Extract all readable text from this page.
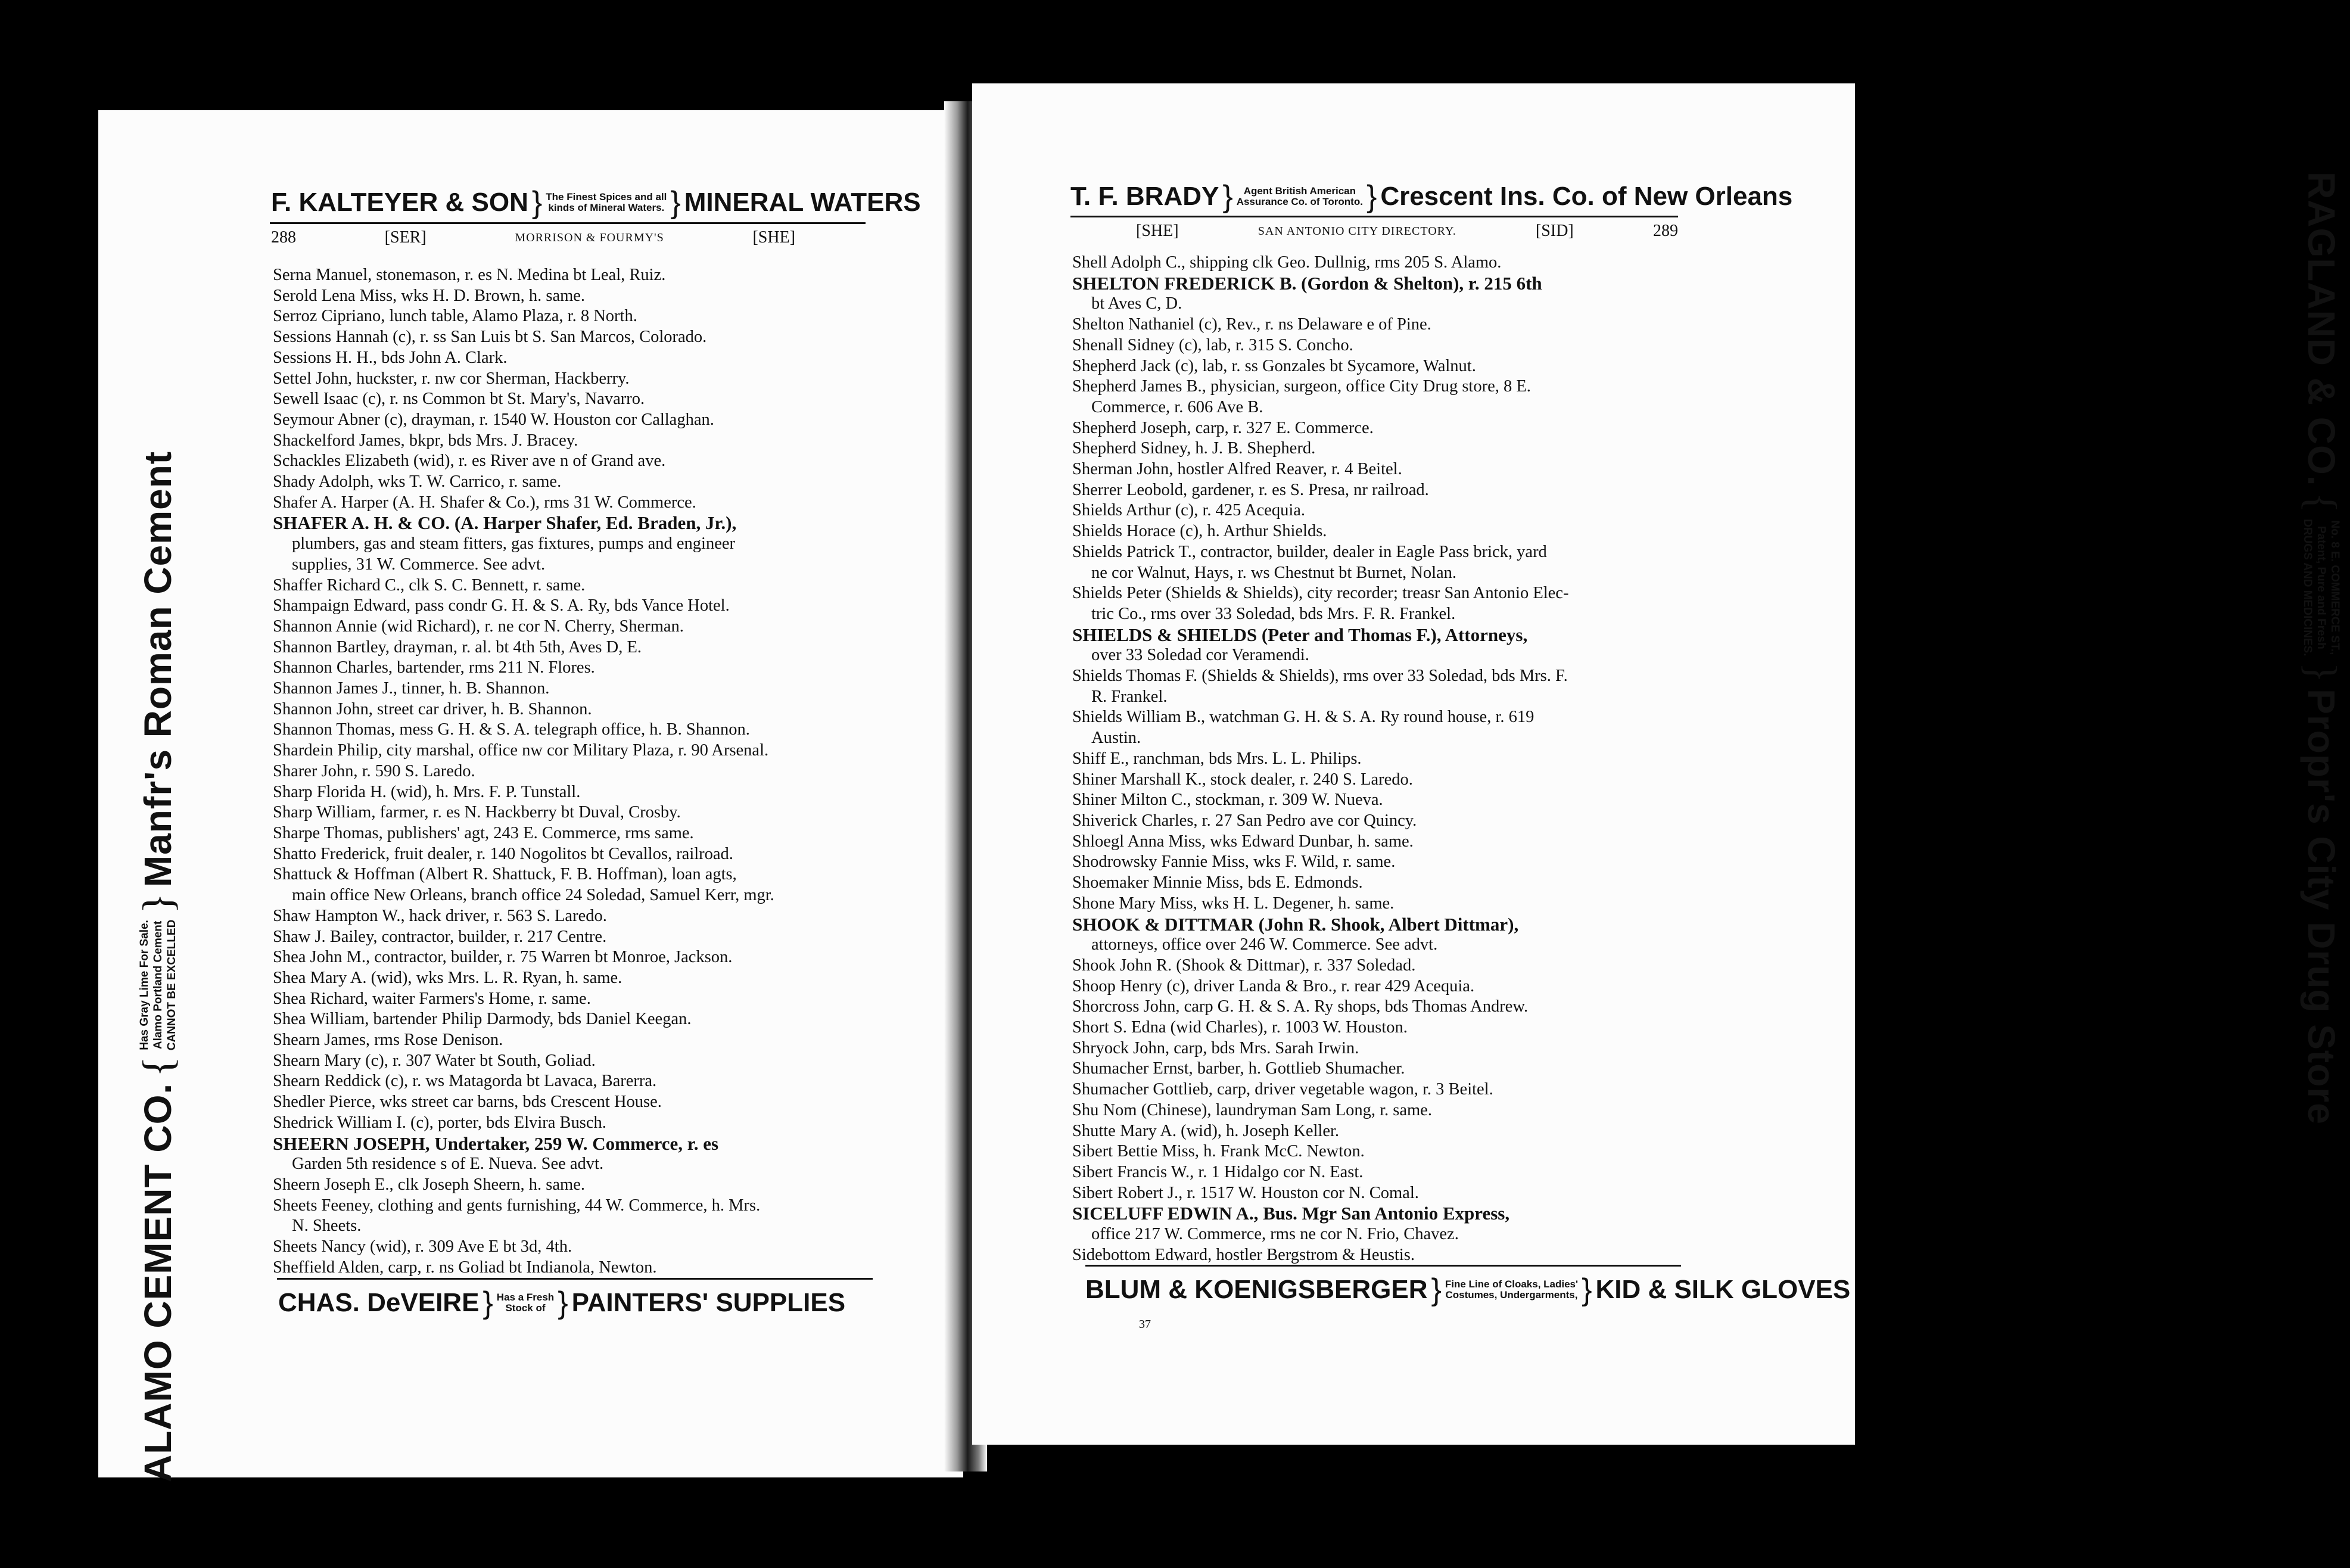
ALAMO CEMENT CO.
{
Has Gray Lime For Sale. Alamo Portland Cement CANNOT BE EXCELLED
}
Manfr's Roman Cement
F. KALTEYER & SON } The Finest Spices and all
kinds of Mineral Waters. } MINERAL WATERS
288	[SER]	MORRISON & FOURMY'S	[SHE]
Serna Manuel, stonemason, r. es N. Medina bt Leal, Ruiz.
Serold Lena Miss, wks H. D. Brown, h. same.
Serroz Cipriano, lunch table, Alamo Plaza, r. 8 North.
Sessions Hannah (c), r. ss San Luis bt S. San Marcos, Colorado.
Sessions H. H., bds John A. Clark.
Settel John, huckster, r. nw cor Sherman, Hackberry.
Sewell Isaac (c), r. ns Common bt St. Mary's, Navarro.
Seymour Abner (c), drayman, r. 1540 W. Houston cor Callaghan.
Shackelford James, bkpr, bds Mrs. J. Bracey.
Schackles Elizabeth (wid), r. es River ave n of Grand ave.
Shady Adolph, wks T. W. Carrico, r. same.
Shafer A. Harper (A. H. Shafer & Co.), rms 31 W. Commerce.
SHAFER A. H. & CO. (A. Harper Shafer, Ed. Braden, Jr.),
plumbers, gas and steam fitters, gas fixtures, pumps and engineer
supplies, 31 W. Commerce. See advt.
Shaffer Richard C., clk S. C. Bennett, r. same.
Shampaign Edward, pass condr G. H. & S. A. Ry, bds Vance Hotel.
Shannon Annie (wid Richard), r. ne cor N. Cherry, Sherman.
Shannon Bartley, drayman, r. al. bt 4th 5th, Aves D, E.
Shannon Charles, bartender, rms 211 N. Flores.
Shannon James J., tinner, h. B. Shannon.
Shannon John, street car driver, h. B. Shannon.
Shannon Thomas, mess G. H. & S. A. telegraph office, h. B. Shannon.
Shardein Philip, city marshal, office nw cor Military Plaza, r. 90 Arsenal.
Sharer John, r. 590 S. Laredo.
Sharp Florida H. (wid), h. Mrs. F. P. Tunstall.
Sharp William, farmer, r. es N. Hackberry bt Duval, Crosby.
Sharpe Thomas, publishers' agt, 243 E. Commerce, rms same.
Shatto Frederick, fruit dealer, r. 140 Nogolitos bt Cevallos, railroad.
Shattuck & Hoffman (Albert R. Shattuck, F. B. Hoffman), loan agts,
main office New Orleans, branch office 24 Soledad, Samuel Kerr, mgr.
Shaw Hampton W., hack driver, r. 563 S. Laredo.
Shaw J. Bailey, contractor, builder, r. 217 Centre.
Shea John M., contractor, builder, r. 75 Warren bt Monroe, Jackson.
Shea Mary A. (wid), wks Mrs. L. R. Ryan, h. same.
Shea Richard, waiter Farmers's Home, r. same.
Shea William, bartender Philip Darmody, bds Daniel Keegan.
Shearn James, rms Rose Denison.
Shearn Mary (c), r. 307 Water bt South, Goliad.
Shearn Reddick (c), r. ws Matagorda bt Lavaca, Barerra.
Shedler Pierce, wks street car barns, bds Crescent House.
Shedrick William I. (c), porter, bds Elvira Busch.
SHEERN JOSEPH, Undertaker, 259 W. Commerce, r. es
Garden 5th residence s of E. Nueva. See advt.
Sheern Joseph E., clk Joseph Sheern, h. same.
Sheets Feeney, clothing and gents furnishing, 44 W. Commerce, h. Mrs.
N. Sheets.
Sheets Nancy (wid), r. 309 Ave E bt 3d, 4th.
Sheffield Alden, carp, r. ns Goliad bt Indianola, Newton.
CHAS. DeVEIRE } Has a Fresh
Stock of } PAINTERS' SUPPLIES
T. F. BRADY }	Agent British American
Assurance Co. of Toronto. } Crescent Ins. Co. of New Orleans
[SHE]	SAN ANTONIO CITY DIRECTORY.	[SID]	289
Shell Adolph C., shipping clk Geo. Dullnig, rms 205 S. Alamo.
SHELTON FREDERICK B. (Gordon & Shelton), r. 215 6th
bt Aves C, D.
Shelton Nathaniel (c), Rev., r. ns Delaware e of Pine.
Shenall Sidney (c), lab, r. 315 S. Concho.
Shepherd Jack (c), lab, r. ss Gonzales bt Sycamore, Walnut.
Shepherd James B., physician, surgeon, office City Drug store, 8 E.
Commerce, r. 606 Ave B.
Shepherd Joseph, carp, r. 327 E. Commerce.
Shepherd Sidney, h. J. B. Shepherd.
Sherman John, hostler Alfred Reaver, r. 4 Beitel.
Sherrer Leobold, gardener, r. es S. Presa, nr railroad.
Shields Arthur (c), r. 425 Acequia.
Shields Horace (c), h. Arthur Shields.
Shields Patrick T., contractor, builder, dealer in Eagle Pass brick, yard
ne cor Walnut, Hays, r. ws Chestnut bt Burnet, Nolan.
Shields Peter (Shields & Shields), city recorder; treasr San Antonio Elec-
tric Co., rms over 33 Soledad, bds Mrs. F. R. Frankel.
SHIELDS & SHIELDS (Peter and Thomas F.), Attorneys,
over 33 Soledad cor Veramendi.
Shields Thomas F. (Shields & Shields), rms over 33 Soledad, bds Mrs. F.
R. Frankel.
Shields William B., watchman G. H. & S. A. Ry round house, r. 619
Austin.
Shiff E., ranchman, bds Mrs. L. L. Philips.
Shiner Marshall K., stock dealer, r. 240 S. Laredo.
Shiner Milton C., stockman, r. 309 W. Nueva.
Shiverick Charles, r. 27 San Pedro ave cor Quincy.
Shloegl Anna Miss, wks Edward Dunbar, h. same.
Shodrowsky Fannie Miss, wks F. Wild, r. same.
Shoemaker Minnie Miss, bds E. Edmonds.
Shone Mary Miss, wks H. L. Degener, h. same.
SHOOK & DITTMAR (John R. Shook, Albert Dittmar),
attorneys, office over 246 W. Commerce. See advt.
Shook John R. (Shook & Dittmar), r. 337 Soledad.
Shoop Henry (c), driver Landa & Bro., r. rear 429 Acequia.
Shorcross John, carp G. H. & S. A. Ry shops, bds Thomas Andrew.
Short S. Edna (wid Charles), r. 1003 W. Houston.
Shryock John, carp, bds Mrs. Sarah Irwin.
Shumacher Ernst, barber, h. Gottlieb Shumacher.
Shumacher Gottlieb, carp, driver vegetable wagon, r. 3 Beitel.
Shu Nom (Chinese), laundryman Sam Long, r. same.
Shutte Mary A. (wid), h. Joseph Keller.
Sibert Bettie Miss, h. Frank McC. Newton.
Sibert Francis W., r. 1 Hidalgo cor N. East.
Sibert Robert J., r. 1517 W. Houston cor N. Comal.
SICELUFF EDWIN A., Bus. Mgr San Antonio Express,
office 217 W. Commerce, rms ne cor N. Frio, Chavez.
Sidebottom Edward, hostler Bergstrom & Heustis.
BLUM & KOENIGSBERGER } Fine Line of Cloaks, Ladies'
Costumes, Undergarments, } KID & SILK GLOVES
37
RAGLAND & CO.
{
No. 8 E. COMMERCE ST.,
Patent, Pure and Fresh
DRUGS AND MEDICINES.
}
Propr's City Drug Store
